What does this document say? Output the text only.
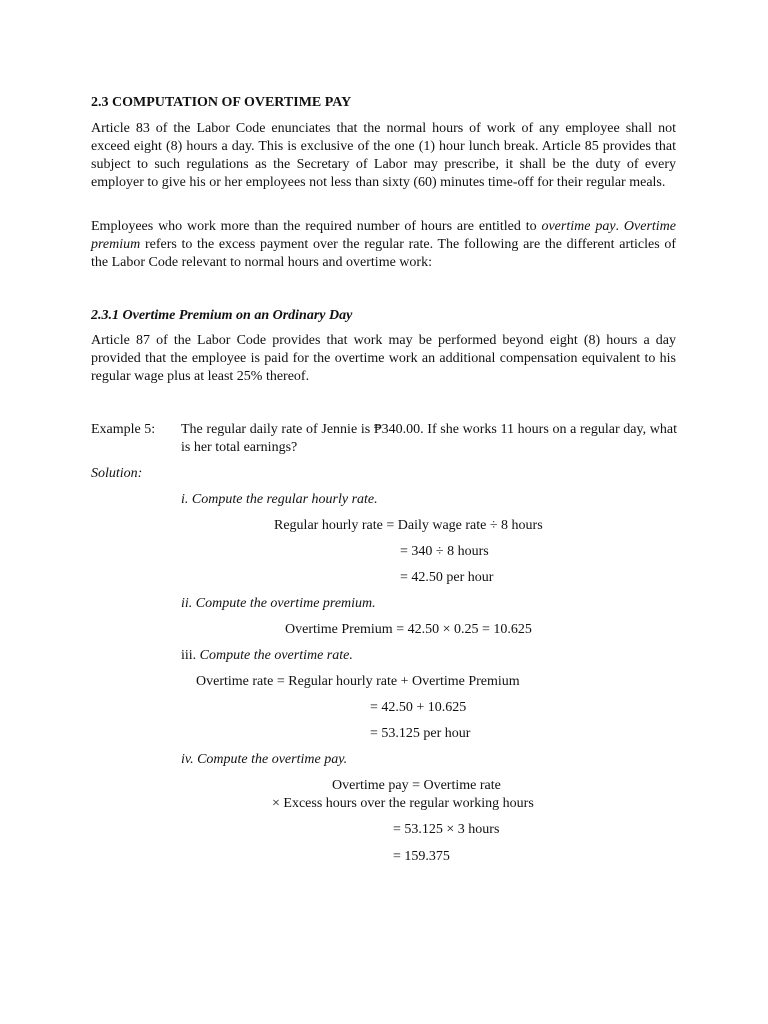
2.3 COMPUTATION OF OVERTIME PAY
Article 83 of the Labor Code enunciates that the normal hours of work of any employee shall not exceed eight (8) hours a day. This is exclusive of the one (1) hour lunch break. Article 85 provides that subject to such regulations as the Secretary of Labor may prescribe, it shall be the duty of every employer to give his or her employees not less than sixty (60) minutes time-off for their regular meals.
Employees who work more than the required number of hours are entitled to overtime pay. Overtime premium refers to the excess payment over the regular rate. The following are the different articles of the Labor Code relevant to normal hours and overtime work:
2.3.1 Overtime Premium on an Ordinary Day
Article 87 of the Labor Code provides that work may be performed beyond eight (8) hours a day provided that the employee is paid for the overtime work an additional compensation equivalent to his regular wage plus at least 25% thereof.
Example 5: The regular daily rate of Jennie is ₱340.00. If she works 11 hours on a regular day, what is her total earnings?
Solution:
i. Compute the regular hourly rate.
Regular hourly rate = Daily wage rate ÷ 8 hours
= 340 ÷ 8 hours
= 42.50 per hour
ii. Compute the overtime premium.
Overtime Premium = 42.50 × 0.25 = 10.625
iii. Compute the overtime rate.
Overtime rate = Regular hourly rate + Overtime Premium
= 42.50 + 10.625
= 53.125 per hour
iv. Compute the overtime pay.
Overtime pay = Overtime rate
× Excess hours over the regular working hours
= 53.125 × 3 hours
= 159.375
